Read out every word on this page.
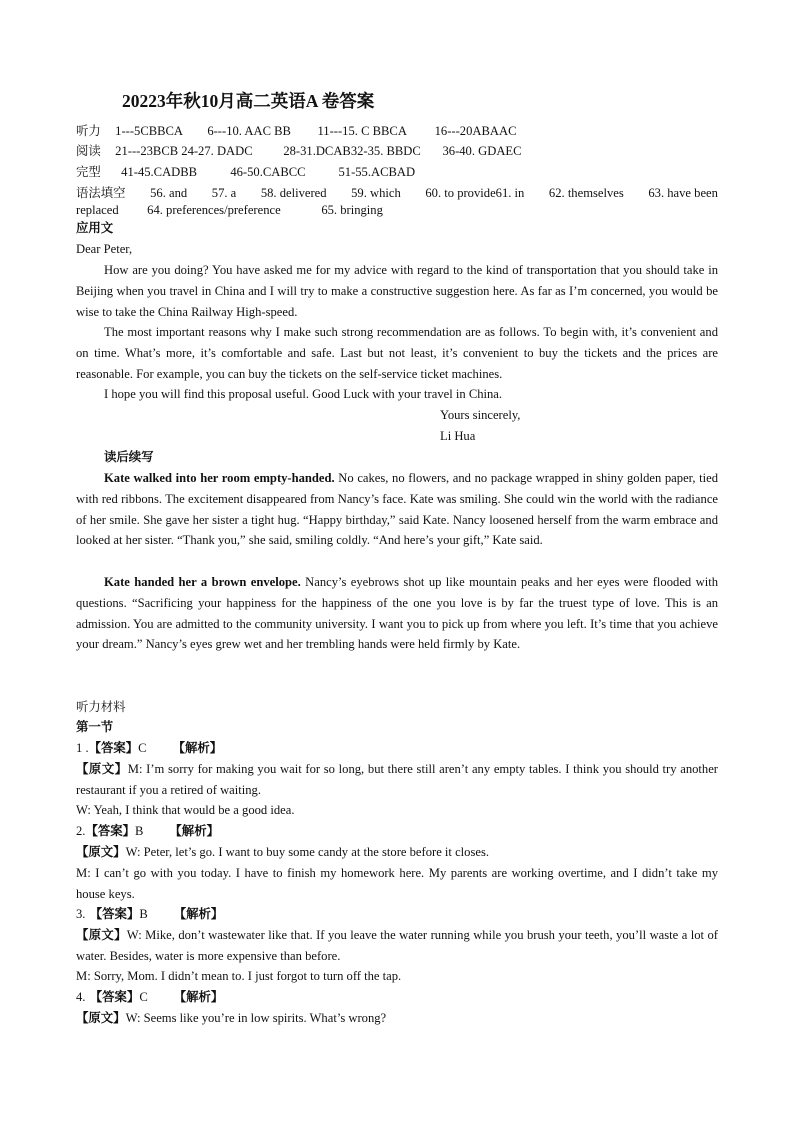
20223年秋10月高二英语A 卷答案
听力 1---5CBBCA 6---10. AAC BB 11---15. C BBCA 16---20ABAAC
阅读 21---23BCB 24-27. DADC 28-31.DCAB32-35. BBDC 36-40. GDAEC
完型 41-45.CADBB	46-50.CABCC	51-55.ACBAD
语法填空 56. and 57. a 58. delivered 59. which 60. to provide61. in 62. themselves 63. have been
replaced 64. preferences/preference	65. bringing
应用文
Dear Peter,

How are you doing? You have asked me for my advice with regard to the kind of transportation that you should take in Beijing when you travel in China and I will try to make a constructive suggestion here. As far as I’m concerned, you would be wise to take the China Railway High-speed.

The most important reasons why I make such strong recommendation are as follows. To begin with, it’s convenient and on time. What’s more, it’s comfortable and safe. Last but not least, it’s convenient to buy the tickets and the prices are reasonable. For example, you can buy the tickets on the self-service ticket machines.

I hope you will find this proposal useful. Good Luck with your travel in China.

Yours sincerely,
Li Hua
读后续写

Kate walked into her room empty-handed. No cakes, no flowers, and no package wrapped in shiny golden paper, tied with red ribbons. The excitement disappeared from Nancy’s face. Kate was smiling. She could win the world with the radiance of her smile. She gave her sister a tight hug. “Happy birthday,” said Kate. Nancy loosened herself from the warm embrace and looked at her sister. “Thank you,” she said, smiling coldly. “And here’s your gift,” Kate said.

Kate handed her a brown envelope. Nancy’s eyebrows shot up like mountain peaks and her eyes were flooded with questions. “Sacrificing your happiness for the happiness of the one you love is by far the truest type of love. This is an admission. You are admitted to the community university. I want you to pick up from where you left. It’s time that you achieve your dream.” Nancy’s eyes grew wet and her trembling hands were held firmly by Kate.

听力材料
第一节
1 .【答案】C 【解析】

【原文】M: I’m sorry for making you wait for so long, but there still aren’t any empty tables. I think you should try another restaurant if you a retired of waiting.

W: Yeah, I think that would be a good idea.

2.【答案】B 【解析】

【原文】W: Peter, let’s go. I want to buy some candy at the store before it closes.

M: I can’t go with you today. I have to finish my homework here. My parents are working overtime, and I didn’t take my house keys.

3. 【答案】B 【解析】

【原文】W: Mike, don’t wastewater like that. If you leave the water running while you brush your teeth, you’ll waste a lot of water. Besides, water is more expensive than before.

M: Sorry, Mom. I didn’t mean to. I just forgot to turn off the tap.

4. 【答案】C 【解析】

【原文】W: Seems like you’re in low spirits. What’s wrong?
